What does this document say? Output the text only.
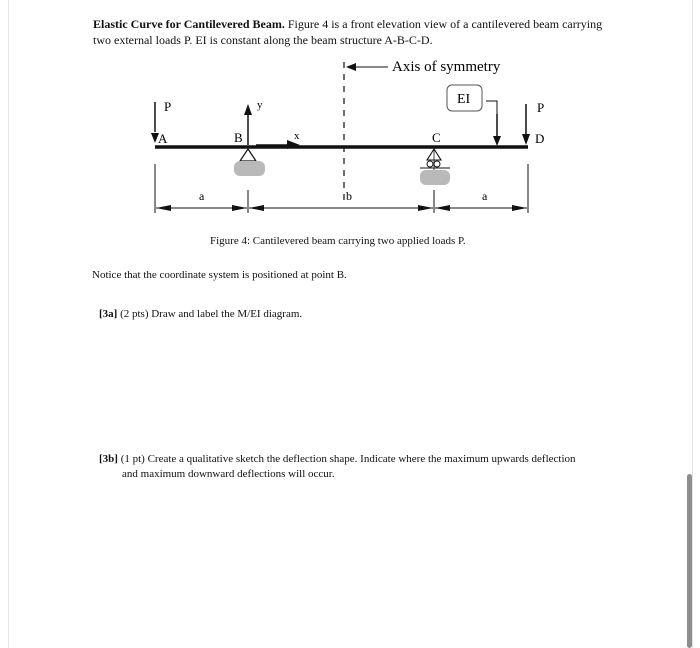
Elastic Curve for Cantilevered Beam. Figure 4 is a front elevation view of a cantilevered beam carrying
two external loads P. EI is constant along the beam structure A-B-C-D.
Axis of symmetry
EI
P
A
y
B	x	C
P
D
a	b	a
Figure 4: Cantilevered beam carrying two applied loads P.
Notice that the coordinate system is positioned at point B.
[3a] (2 pts) Draw and label the M/EI diagram.
[3b] (1 pt) Create a qualitative sketch the deflection shape. Indicate where the maximum upwards deflection
and maximum downward deflections will occur.
